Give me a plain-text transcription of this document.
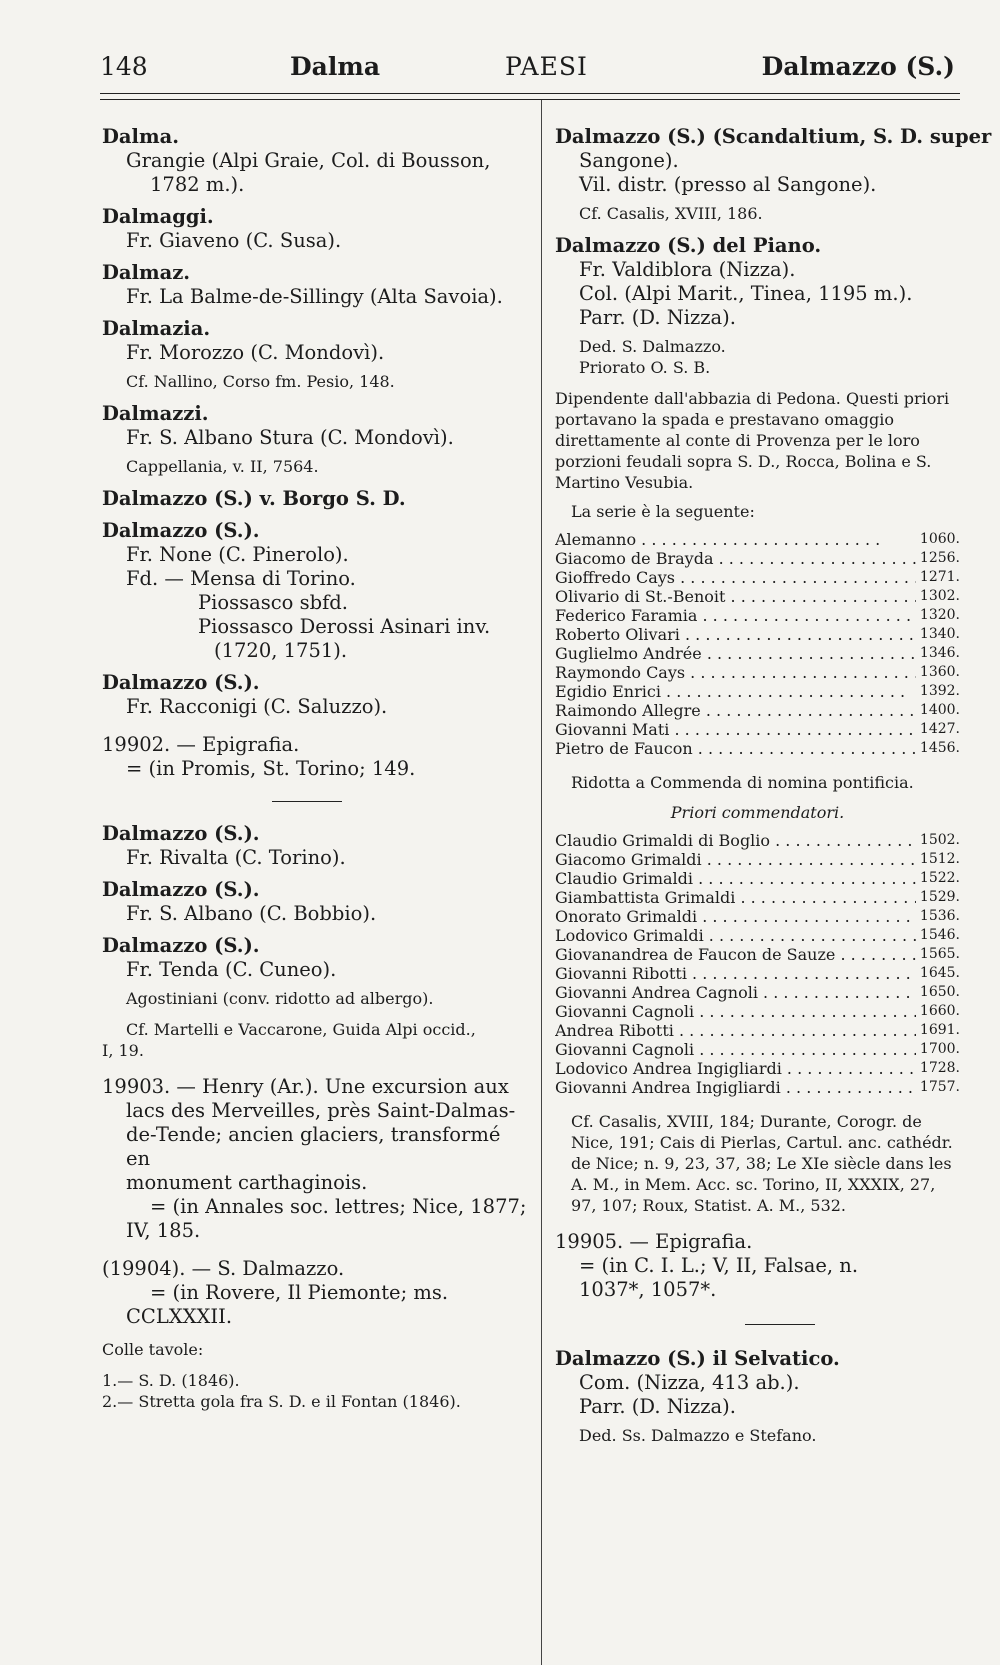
148	Dalma	PAESI	Dalmazzo (S.)
Dalma.
Grangie (Alpi Graie, Col. di Bousson,
1782 m.).
Dalmaggi.
Fr. Giaveno (C. Susa).
Dalmaz.
Fr. La Balme-de-Sillingy (Alta Savoia).
Dalmazia.
Fr. Morozzo (C. Mondovì).
Cf. Nallino, Corso fm. Pesio, 148.
Dalmazzi.
Fr. S. Albano Stura (C. Mondovì).
Cappellania, v. II, 7564.
Dalmazzo (S.) v. Borgo S. D.
Dalmazzo (S.).
Fr. None (C. Pinerolo).
Fd. — Mensa di Torino.
Piossasco sbfd.
Piossasco Derossi Asinari inv.
(1720, 1751).
Dalmazzo (S.).
Fr. Racconigi (C. Saluzzo).
19902. — Epigrafia.
= (in Promis, St. Torino; 149.
Dalmazzo (S.).
Fr. Rivalta (C. Torino).
Dalmazzo (S.).
Fr. S. Albano (C. Bobbio).
Dalmazzo (S.).
Fr. Tenda (C. Cuneo).
Agostiniani (conv. ridotto ad albergo).
Cf. Martelli e Vaccarone, Guida Alpi occid.,
I, 19.
19903. — Henry (Ar.). Une excursion aux
lacs des Merveilles, près Saint-Dalmas-
de-Tende; ancien glaciers, transformé en
monument carthaginois.
= (in Annales soc. lettres; Nice, 1877;
IV, 185.
(19904). — S. Dalmazzo.
= (in Rovere, Il Piemonte; ms.
CCLXXXII.
Colle tavole:
1.— S. D. (1846).
2.— Stretta gola fra S. D. e il Fontan (1846).
Dalmazzo (S.) (Scandaltium, S. D. super
Sangone).
Vil. distr. (presso al Sangone).
Cf. Casalis, XVIII, 186.
Dalmazzo (S.) del Piano.
Fr. Valdiblora (Nizza).
Col. (Alpi Marit., Tinea, 1195 m.).
Parr. (D. Nizza).
Ded. S. Dalmazzo.
Priorato O. S. B.
Dipendente dall'abbazia di Pedona. Questi priori portavano la spada e prestavano omaggio direttamente al conte di Provenza per le loro porzioni feudali sopra S. D., Rocca, Bolina e S. Martino Vesubia.
La serie è la seguente:
Alemanno . . .	1060.
Giacomo de Brayda . . .	1256.
Gioffredo Cays . . .	1271.
Olivario di St.-Benoit . . .	1302.
Federico Faramia . . .	1320.
Roberto Olivari . . .	1340.
Guglielmo Andrée . . .	1346.
Raymondo Cays . . .	1360.
Egidio Enrici . . .	1392.
Raimondo Allegre . . .	1400.
Giovanni Mati . . .	1427.
Pietro de Faucon . . .	1456.
Ridotta a Commenda di nomina pontificia.
Priori commendatori.
Claudio Grimaldi di Boglio . . .	1502.
Giacomo Grimaldi . . .	1512.
Claudio Grimaldi . . .	1522.
Giambattista Grimaldi . . .	1529.
Onorato Grimaldi . . .	1536.
Lodovico Grimaldi . . .	1546.
Giovanandrea de Faucon de Sauze . . .	1565.
Giovanni Ribotti . . .	1645.
Giovanni Andrea Cagnoli . . .	1650.
Giovanni Cagnoli . . .	1660.
Andrea Ribotti . . .	1691.
Giovanni Cagnoli . . .	1700.
Lodovico Andrea Ingigliardi . . .	1728.
Giovanni Andrea Ingigliardi . . .	1757.
Cf. Casalis, XVIII, 184; Durante, Corogr. de Nice, 191; Cais di Pierlas, Cartul. anc. cathédr. de Nice; n. 9, 23, 37, 38; Le XIe siècle dans les A. M., in Mem. Acc. sc. Torino, II, XXXIX, 27, 97, 107; Roux, Statist. A. M., 532.
19905. — Epigrafia.
= (in C. I. L.; V, II, Falsae, n.
1037*, 1057*.
Dalmazzo (S.) il Selvatico.
Com. (Nizza, 413 ab.).
Parr. (D. Nizza).
Ded. Ss. Dalmazzo e Stefano.
